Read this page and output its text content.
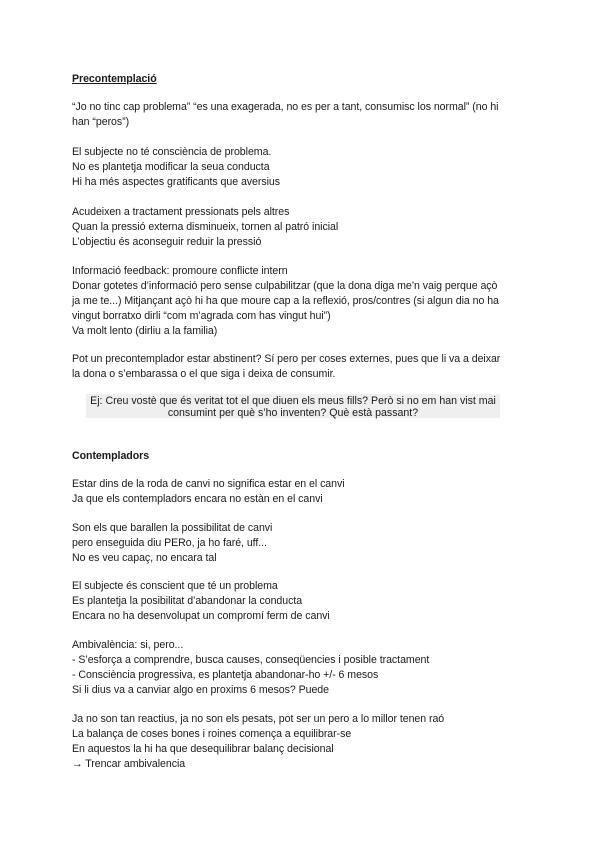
Precontemplació
“Jo no tinc cap problema” “es una exagerada, no es per a tant, consumisc los normal” (no hi
han “peros”)
El subjecte no té consciència de problema.
No es plantetja modificar la seua conducta
Hi ha més aspectes gratificants que aversius
Acudeixen a tractament pressionats pels altres
Quan la pressió externa disminueix, tornen al patró inicial
L’objectiu és aconseguir reduir la pressió
Informació feedback: promoure conflicte intern
Donar gotetes d’informació pero sense culpabilitzar (que la dona diga me’n vaig perque açò
ja me te...) Mitjançant açò hi ha que moure cap a la reflexió, pros/contres (si algun dia no ha
vingut borratxo dirli “com m’agrada com has vingut hui”)
Va molt lento (dirliu a la familia)
Pot un precontemplador estar abstinent? Sí pero per coses externes, pues que li va a deixar
la dona o s’embarassa o el que siga i deixa de consumir.
Ej: Creu vostè que és veritat tot el que diuen els meus fills? Però si no em han vist mai
consumint per què s’ho inventen? Què està passant?
Contempladors
Estar dins de la roda de canvi no significa estar en el canvi
Ja que els contempladors encara no estàn en el canvi
Son els que barallen la possibilitat de canvi
pero enseguida diu PERo, ja ho faré, uff...
No es veu capaç, no encara tal
El subjecte és conscient que té un problema
Es plantetja la posibilitat d’abandonar la conducta
Encara no ha desenvolupat un compromí ferm de canvi
Ambivalència: si, pero...
- S’esforça a comprendre, busca causes, conseqüencies i posible tractament
- Consciència progressiva, es plantetja abandonar-ho +/- 6 mesos
Si li dius va a canviar algo en proxims 6 mesos? Puede
Ja no son tan reactius, ja no son els pesats, pot ser un pero a lo millor tenen raó
La balança de coses bones i roines comença a equilibrar-se
En aquestos la hi ha que desequilibrar balanç decisional
→ Trencar ambivalencia
